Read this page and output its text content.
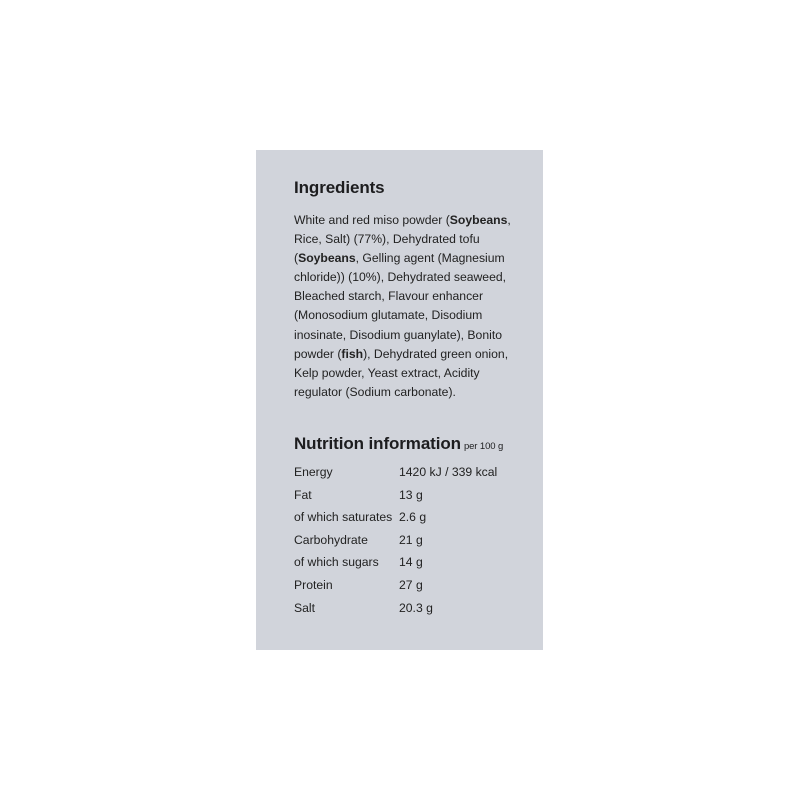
Ingredients
White and red miso powder (Soybeans,
Rice, Salt) (77%), Dehydrated tofu
(Soybeans, Gelling agent (Magnesium
chloride)) (10%), Dehydrated seaweed,
Bleached starch, Flavour enhancer
(Monosodium glutamate, Disodium
inosinate, Disodium guanylate), Bonito
powder (fish), Dehydrated green onion,
Kelp powder, Yeast extract, Acidity
regulator (Sodium carbonate).
Nutrition information per 100 g
Energy	1420 kJ / 339 kcal
Fat	13 g
of which saturates 2.6 g
Carbohydrate	21 g
of which sugars 14 g
Protein	27 g
Salt	20.3 g
